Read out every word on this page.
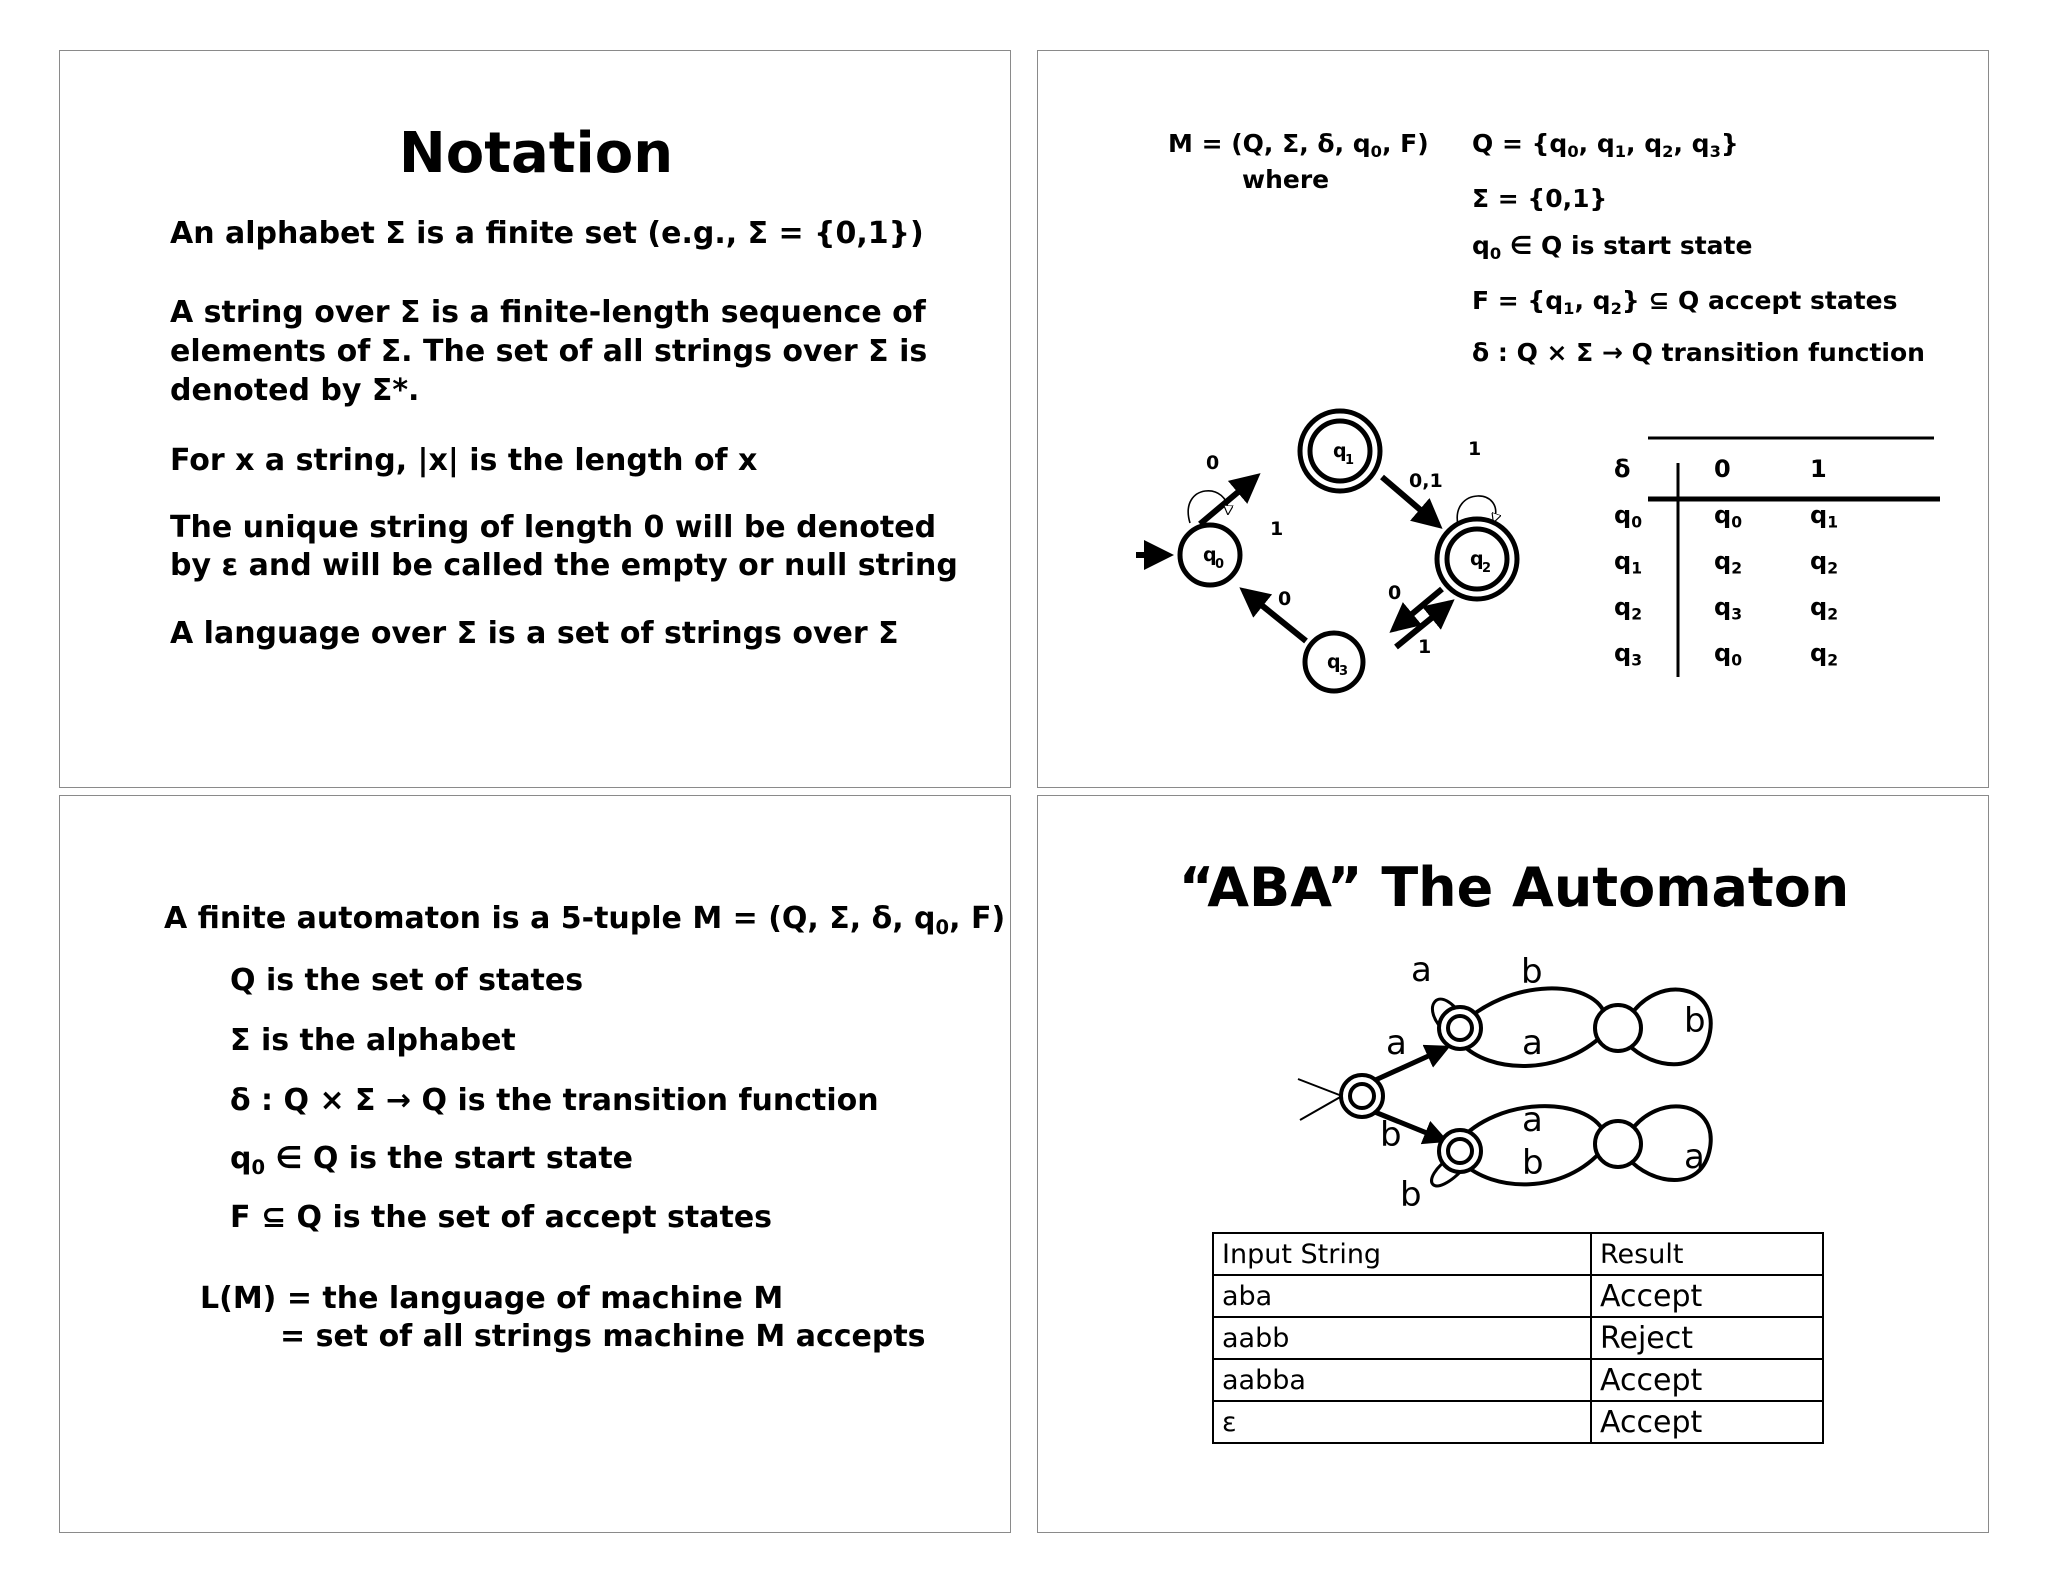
Notation
An alphabet Σ is a finite set (e.g., Σ = {0,1})
A string over Σ is a finite-length sequence of
elements of Σ. The set of all strings over Σ is
denoted by Σ*.
For x a string, |x| is the length of x
The unique string of length 0 will be denoted
by ε and will be called the empty or null string
A language over Σ is a set of strings over Σ
M = (Q, Σ, δ, $q_0$, F)
where
$Q = \{q_0$, $q_1$, $q_2$, $q_3$}
Σ = {0,1}
$q_0$ ∈ Q is start state
$F = \{q_1$, $q_2$} ⊆ Q accept states
δ : Q × Σ → Q transition function
q
0
q
1
q
2
q
3
0
1
0,1
1
0
1
0
δ	0	1
$q_0$	$q_0$	$q_1$
$q_1$	$q_2$	$q_2$
$q_2$	$q_3$	$q_2$
$q_3$	$q_0$	$q_2$
A finite automaton is a 5-tuple M = (Q, Σ, δ, $q_0$, F)
Q is the set of states
Σ is the alphabet
δ : Q × Σ → Q is the transition function
$q_0$ ∈ Q is the start state
F ⊆ Q is the set of accept states
L(M) = the language of machine M
= set of all strings machine M accepts
“ABA” The Automaton
a	b
b
a	a
b	a
b
b
a
Input String	Result
aba	Accept
aabb	Reject
aabba	Accept
ε	Accept
